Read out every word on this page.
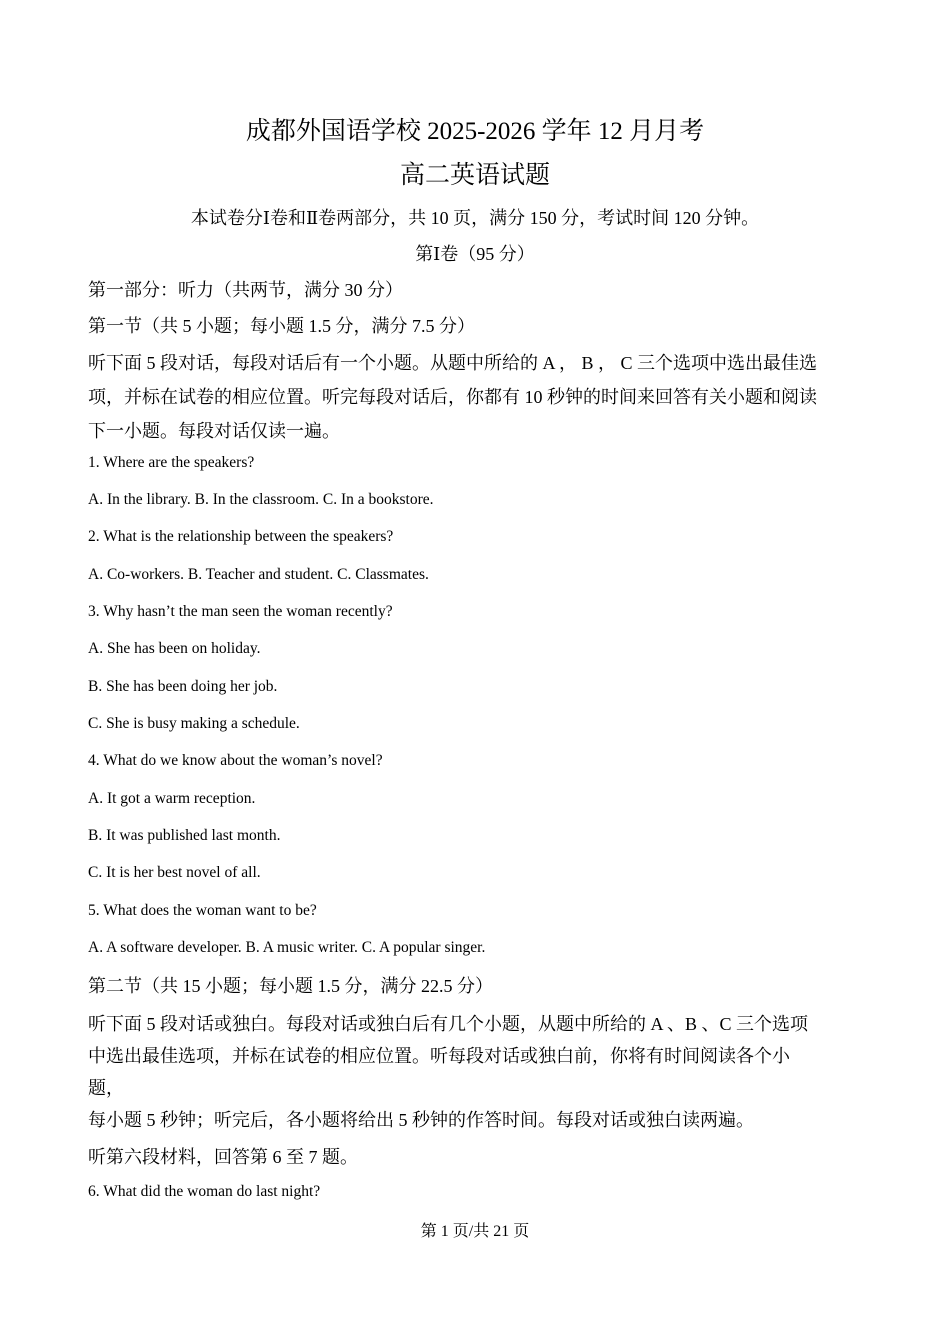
成都外国语学校 2025-2026 学年 12 月月考
高二英语试题
本试卷分Ⅰ卷和Ⅱ卷两部分，共 10 页，满分 150 分，考试时间 120 分钟。
第Ⅰ卷（95 分）
第一部分：听力（共两节，满分 30 分）
第一节（共 5 小题；每小题 1.5 分，满分 7.5 分）
听下面 5 段对话，每段对话后有一个小题。从题中所给的 A ， B ， C 三个选项中选出最佳选
项，并标在试卷的相应位置。听完每段对话后，你都有 10 秒钟的时间来回答有关小题和阅读
下一小题。每段对话仅读一遍。
1. Where are the speakers?
A. In the library. B. In the classroom. C. In a bookstore.
2. What is the relationship between the speakers?
A. Co-workers. B. Teacher and student. C. Classmates.
3. Why hasn’t the man seen the woman recently?
A. She has been on holiday.
B. She has been doing her job.
C. She is busy making a schedule.
4. What do we know about the woman’s novel?
A. It got a warm reception.
B. It was published last month.
C. It is her best novel of all.
5. What does the woman want to be?
A. A software developer. B. A music writer. C. A popular singer.
第二节（共 15 小题；每小题 1.5 分，满分 22.5 分）
听下面 5 段对话或独白。每段对话或独白后有几个小题，从题中所给的 A 、B 、C 三个选项
中选出最佳选项，并标在试卷的相应位置。听每段对话或独白前，你将有时间阅读各个小
题，
每小题 5 秒钟；听完后，各小题将给出 5 秒钟的作答时间。每段对话或独白读两遍。
听第六段材料，回答第 6 至 7 题。
6. What did the woman do last night?
第 1 页/共 21 页
